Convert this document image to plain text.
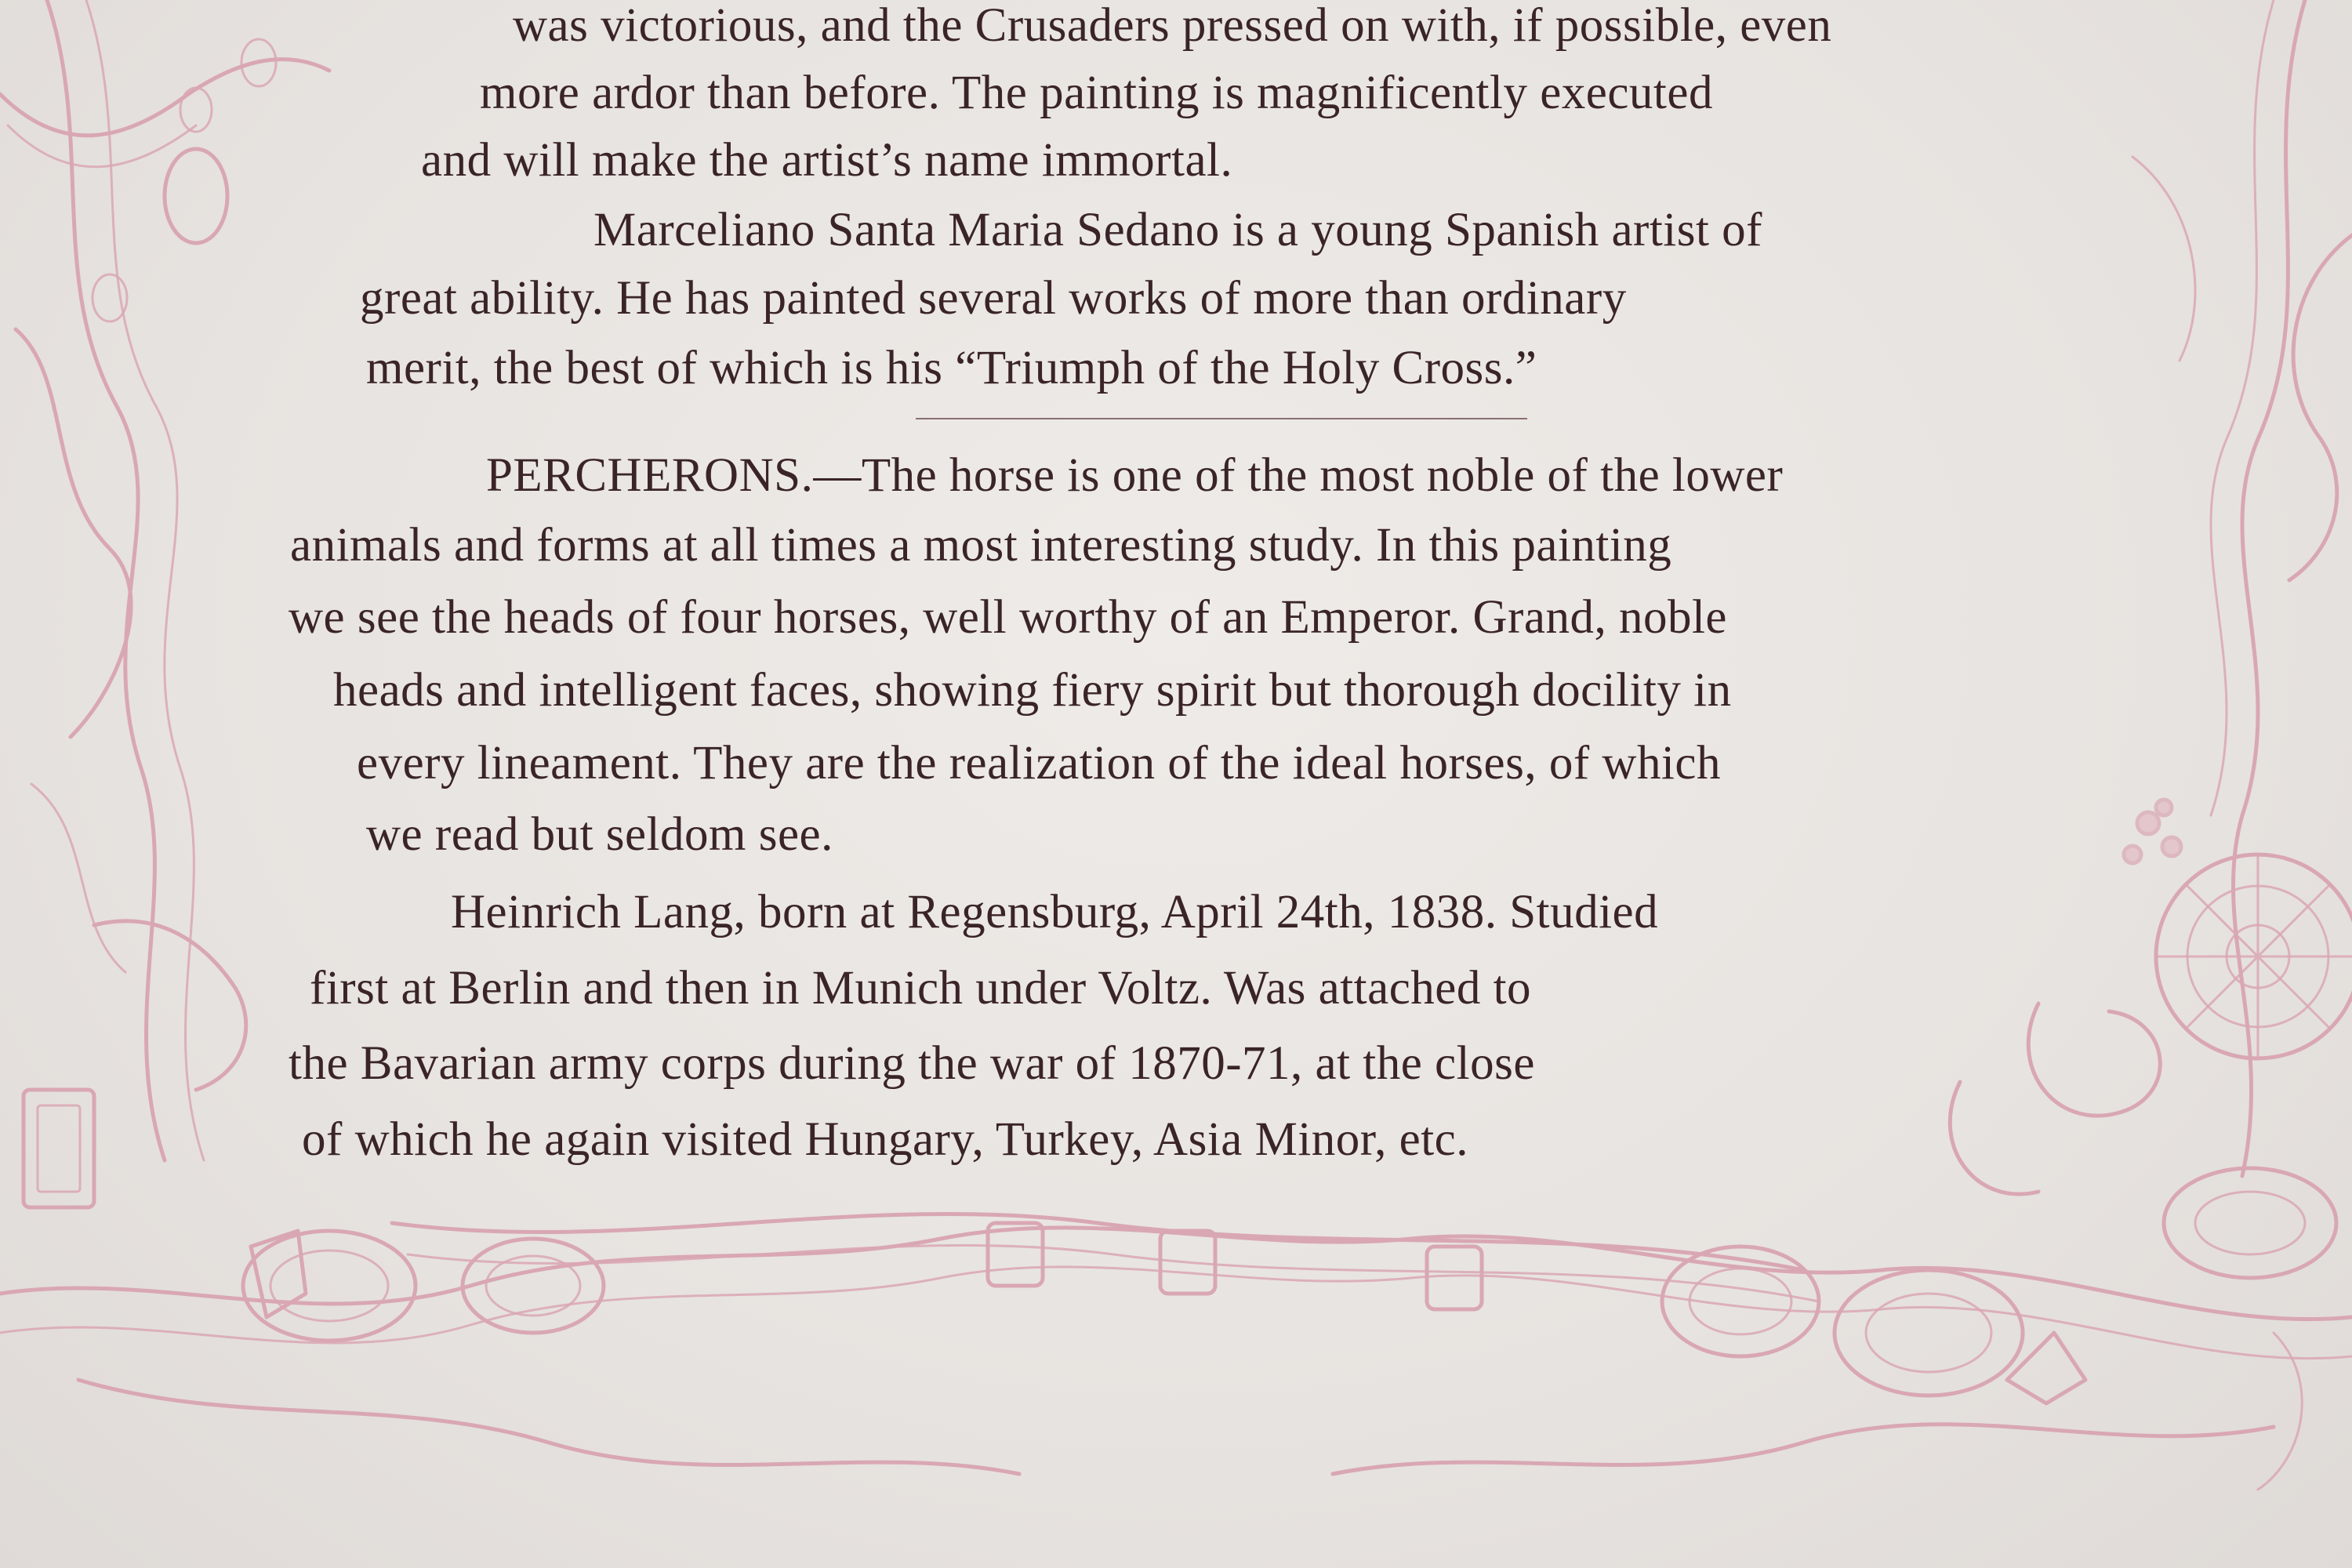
was victorious, and the Crusaders pressed on with, if possible, even

more ardor than before. The painting is magnificently executed

and will make the artist’s name immortal.

Marceliano Santa Maria Sedano is a young Spanish artist of

great ability. He has painted several works of more than ordinary

merit, the best of which is his “Triumph of the Holy Cross.”

PERCHERONS.—The horse is one of the most noble of the lower

animals and forms at all times a most interesting study. In this painting

we see the heads of four horses, well worthy of an Emperor. Grand, noble

heads and intelligent faces, showing fiery spirit but thorough docility in

every lineament. They are the realization of the ideal horses, of which

we read but seldom see.

Heinrich Lang, born at Regensburg, April 24th, 1838. Studied

first at Berlin and then in Munich under Voltz. Was attached to

the Bavarian army corps during the war of 1870-71, at the close

of which he again visited Hungary, Turkey, Asia Minor, etc.
